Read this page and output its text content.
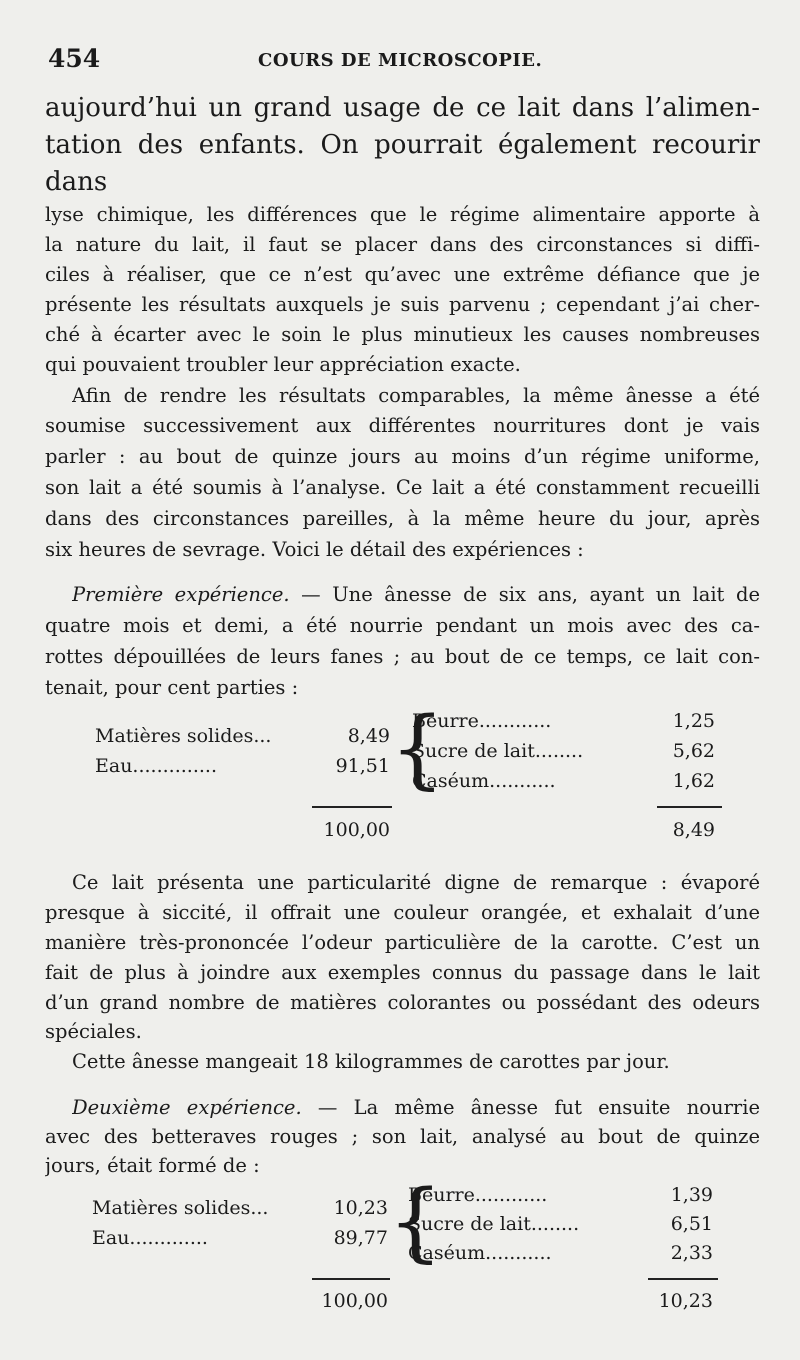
454	COURS DE MICROSCOPIE.
aujourd’hui un grand usage de ce lait dans l’alimen-
tation des enfants. On pourrait également recourir dans
lyse chimique, les différences que le régime alimentaire apporte à
la nature du lait, il faut se placer dans des circonstances si diffi-
ciles à réaliser, que ce n’est qu’avec une extrême défiance que je
présente les résultats auxquels je suis parvenu ; cependant j’ai cher-
ché à écarter avec le soin le plus minutieux les causes nombreuses
qui pouvaient troubler leur appréciation exacte.
Afin de rendre les résultats comparables, la même ânesse a été
soumise successivement aux différentes nourritures dont je vais
parler : au bout de quinze jours au moins d’un régime uniforme,
son lait a été soumis à l’analyse. Ce lait a été constamment recueilli
dans des circonstances pareilles, à la même heure du jour, après
six heures de sevrage. Voici le détail des expériences :
Première expérience. — Une ânesse de six ans, ayant un lait de
quatre mois et demi, a été nourrie pendant un mois avec des ca-
rottes dépouillées de leurs fanes ; au bout de ce temps, ce lait con-
tenait, pour cent parties :
Matières solides...	8,49
Eau..............	91,51 {
Beurre............	1,25
Sucre de lait........	5,62
Caséum...........	1,62
100,00	8,49
Ce lait présenta une particularité digne de remarque : évaporé
presque à siccité, il offrait une couleur orangée, et exhalait d’une
manière très-prononcée l’odeur particulière de la carotte. C’est un
fait de plus à joindre aux exemples connus du passage dans le lait
d’un grand nombre de matières colorantes ou possédant des odeurs
spéciales.
Cette ânesse mangeait 18 kilogrammes de carottes par jour.
Deuxième expérience. — La même ânesse fut ensuite nourrie
avec des betteraves rouges ; son lait, analysé au bout de quinze
jours, était formé de :
Matières solides...	10,23
Eau.............	89,77 {
Beurre............	1,39
Sucre de lait........	6,51
Caséum...........	2,33
100,00	10,23
